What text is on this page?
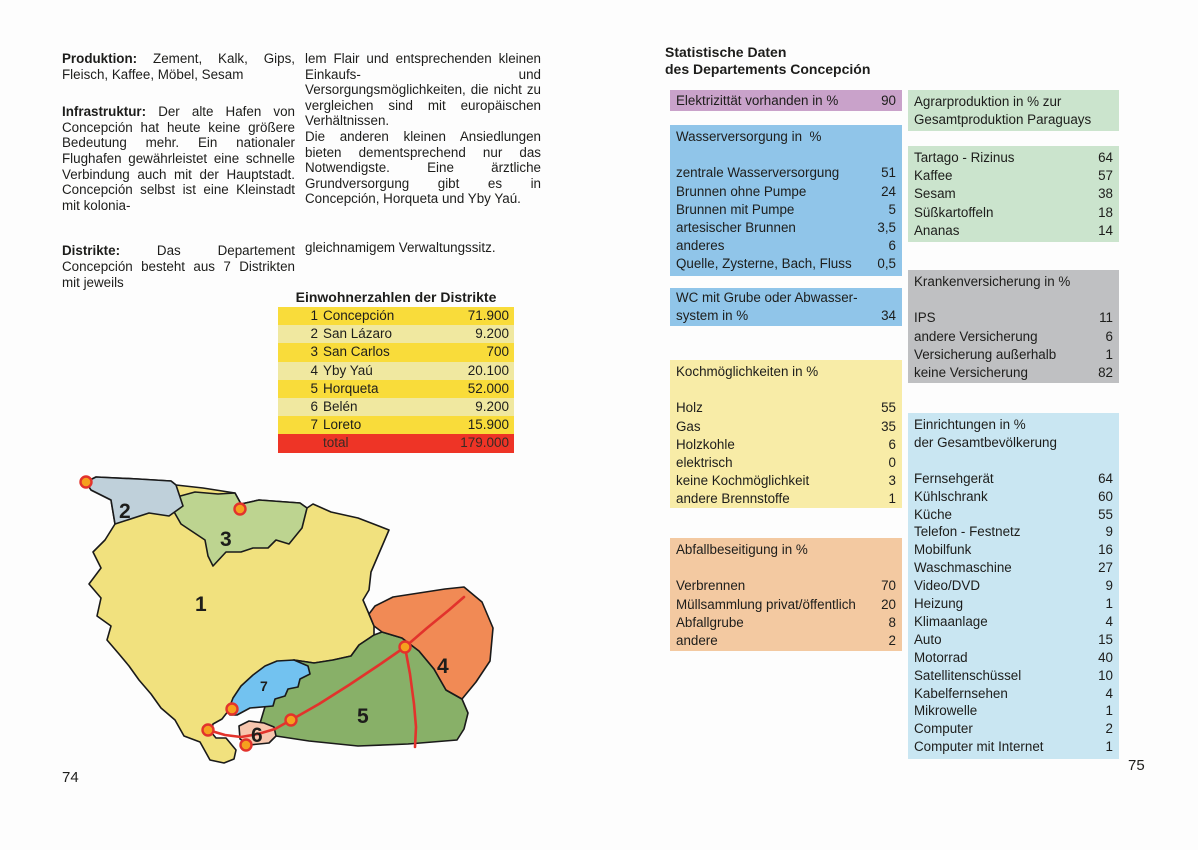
Produktion: Zement, Kalk, Gips, Fleisch, Kaffee, Möbel, Sesam

Infrastruktur: Der alte Hafen von Concepción hat heute keine größere Bedeutung mehr. Ein nationaler Flughafen gewährleistet eine schnelle Verbindung auch mit der Hauptstadt. Concepción selbst ist eine Kleinstadt mit kolonia-

Distrikte:	Das Departement Concepción besteht aus 7 Distrikten mit jeweils

lem Flair und entsprechenden kleinen Einkaufs- und Versorgungsmöglichkeiten, die nicht zu vergleichen sind mit europäischen Verhältnissen.

Die anderen kleinen Ansiedlungen bieten dementsprechend nur das Notwendigste. Eine ärztliche Grundversorgung gibt es in Concepción, Horqueta und Yby Yaú.

gleichnamigem Verwaltungssitz.

Einwohnerzahlen der Distrikte
1 Concepción	71.900
2 San Lázaro	9.200
3 San Carlos	700
4 Yby Yaú	20.100
5 Horqueta	52.000
6 Belén	9.200
7 Loreto	15.900
total	179.000
1
2
3
4
5
6
7
74
Statistische Daten
des Departements Concepción
Elektrizittät vorhanden in %	90
Wasserversorgung in  %
zentrale Wasserversorgung	51
Brunnen ohne Pumpe	24
Brunnen mit Pumpe	5
artesischer Brunnen	3,5
anderes	6
Quelle, Zysterne, Bach, Fluss	0,5
WC mit Grube oder Abwasser-
system in %	34
Kochmöglichkeiten in %
Holz	55
Gas	35
Holzkohle	6
elektrisch	0
keine Kochmöglichkeit	3
andere Brennstoffe	1
Abfallbeseitigung in %
Verbrennen	70
Müllsammlung privat/öffentlich	20
Abfallgrube	8
andere	2
Agrarproduktion in % zur
Gesamtproduktion Paraguays
Tartago - Rizinus	64
Kaffee	57
Sesam	38
Süßkartoffeln	18
Ananas	14
Krankenversicherung in %
IPS	11
andere Versicherung	6
Versicherung außerhalb	1
keine Versicherung	82
Einrichtungen in %
der Gesamtbevölkerung
Fernsehgerät	64
Kühlschrank	60
Küche	55
Telefon - Festnetz	9
Mobilfunk	16
Waschmaschine	27
Video/DVD	9
Heizung	1
Klimaanlage	4
Auto	15
Motorrad	40
Satellitenschüssel	10
Kabelfernsehen	4
Mikrowelle	1
Computer	2
Computer mit Internet	1
75
